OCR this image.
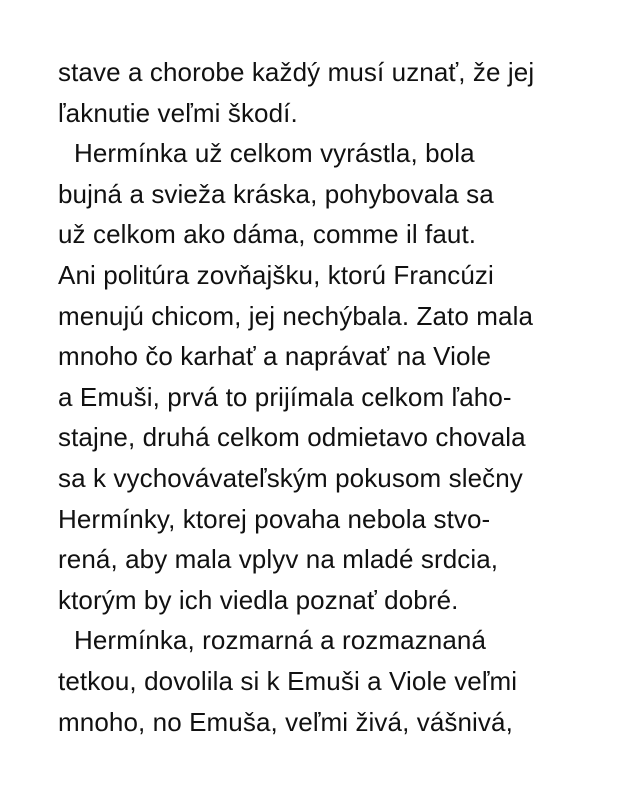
stave a chorobe každý musí uznať, že jej
ľaknutie veľmi škodí.
Hermínka už celkom vyrástla, bola
bujná a svieža kráska, pohybovala sa
už celkom ako dáma, comme il faut.
Ani politúra zovňajšku, ktorú Francúzi
menujú chicom, jej nechýbala. Zato mala
mnoho čo karhať a naprávať na Viole
a Emuši, prvá to prijímala celkom ľaho-
stajne, druhá celkom odmietavo chovala
sa k vychovávateľským pokusom slečny
Hermínky, ktorej povaha nebola stvo-
rená, aby mala vplyv na mladé srdcia,
ktorým by ich viedla poznať dobré.
Hermínka, rozmarná a rozmaznaná
tetkou, dovolila si k Emuši a Viole veľmi
mnoho, no Emuša, veľmi živá, vášnivá,
